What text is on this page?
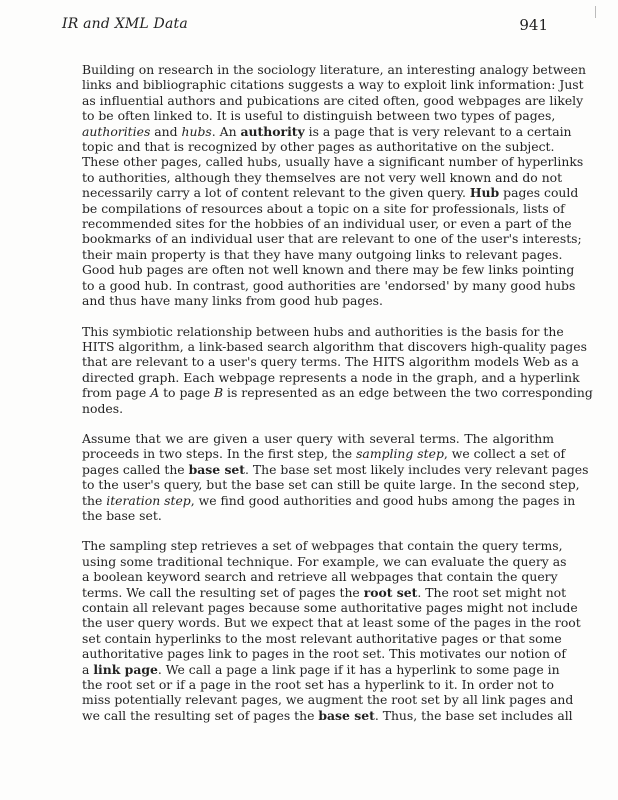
IR and XML Data	941

Building on research in the sociology literature, an interesting analogy between
links and bibliographic citations suggests a way to exploit link information: Just
as influential authors and pubications are cited often, good webpages are likely
to be often linked to. It is useful to distinguish between two types of pages,
authorities and hubs. An authority is a page that is very relevant to a certain
topic and that is recognized by other pages as authoritative on the subject.
These other pages, called hubs, usually have a significant number of hyperlinks
to authorities, although they themselves are not very well known and do not
necessarily carry a lot of content relevant to the given query. Hub pages could
be compilations of resources about a topic on a site for professionals, lists of
recommended sites for the hobbies of an individual user, or even a part of the
bookmarks of an individual user that are relevant to one of the user's interests;
their main property is that they have many outgoing links to relevant pages.
Good hub pages are often not well known and there may be few links pointing
to a good hub. In contrast, good authorities are 'endorsed' by many good hubs
and thus have many links from good hub pages.

This symbiotic relationship between hubs and authorities is the basis for the
HITS algorithm, a link-based search algorithm that discovers high-quality pages
that are relevant to a user's query terms. The HITS algorithm models Web as a
directed graph. Each webpage represents a node in the graph, and a hyperlink
from page A to page B is represented as an edge between the two corresponding
nodes.

Assume that we are given a user query with several terms. The algorithm
proceeds in two steps. In the first step, the sampling step, we collect a set of
pages called the base set. The base set most likely includes very relevant pages
to the user's query, but the base set can still be quite large. In the second step,
the iteration step, we find good authorities and good hubs among the pages in
the base set.

The sampling step retrieves a set of webpages that contain the query terms,
using some traditional technique. For example, we can evaluate the query as
a boolean keyword search and retrieve all webpages that contain the query
terms. We call the resulting set of pages the root set. The root set might not
contain all relevant pages because some authoritative pages might not include
the user query words. But we expect that at least some of the pages in the root
set contain hyperlinks to the most relevant authoritative pages or that some
authoritative pages link to pages in the root set. This motivates our notion of
a link page. We call a page a link page if it has a hyperlink to some page in
the root set or if a page in the root set has a hyperlink to it. In order not to
miss potentially relevant pages, we augment the root set by all link pages and
we call the resulting set of pages the base set. Thus, the base set includes all
